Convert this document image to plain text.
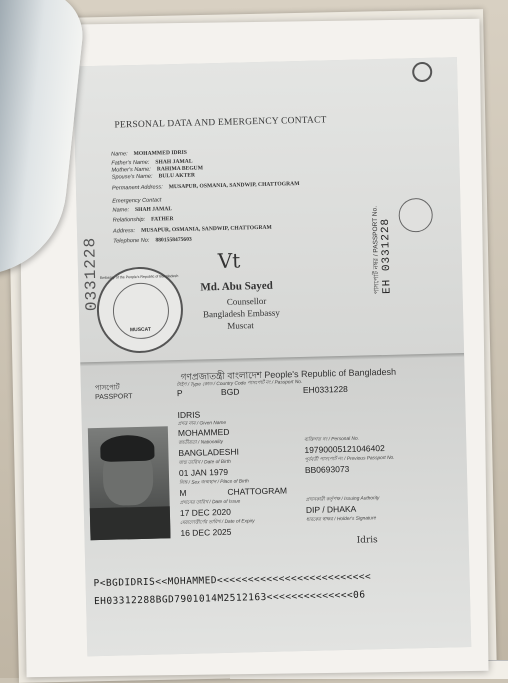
0331228
PERSONAL DATA AND EMERGENCY CONTACT
Name: MOHAMMED IDRIS
Father's Name: SHAH JAMAL
Mother's Name: RAHIMA BEGUM
Spouse's Name: BULU AKTER
Permanent Address: MUSAPUR, OSMANIA, SANDWIP, CHATTOGRAM
Emergency Contact
Name: SHAH JAMAL
Relationship: FATHER
Address: MUSAPUR, OSMANIA, SANDWIP, CHATTOGRAM
Telephone No: 8801558475603	পাসপোর্ট নম্বর / PASSPORT No. EH 0331228
Embassy of the People's Republic of Bangladesh
MUSCAT
Vt
Md. Abu Sayed
Counsellor
Bangladesh Embassy
Muscat
গণপ্রজাতন্ত্রী বাংলাদেশ People's Republic of Bangladesh
পাসপোর্ট
PASSPORT	P	BGD	EH0331228
টাইপ / Type কোড / Country Code পাসপোর্ট নং / Passport No.
IDRIS
প্রদত্ত নাম / Given Name
MOHAMMED
জাতীয়তা / Nationality
BANGLADESHI
ব্যক্তিগত নং / Personal No.
19790005121046402
জন্ম তারিখ / Date of Birth
01 JAN 1979
পূর্ববর্তী পাসপোর্ট নং / Previous Passport No.
BB0693073
লিঙ্গ / Sex জন্মস্থান / Place of Birth
M	CHATTOGRAM
প্রদানের তারিখ / Date of Issue
17 DEC 2020
প্রদানকারী কর্তৃপক্ষ / Issuing Authority
DIP / DHAKA
মেয়াদোত্তীর্ণের তারিখ / Date of Expiry
16 DEC 2025
ধারকের স্বাক্ষর / Holder's Signature
Idris
P<BGDIDRIS<<MOHAMMED<<<<<<<<<<<<<<<<<<<<<<<<<
EH03312288BGD7901014M2512163<<<<<<<<<<<<<<06
